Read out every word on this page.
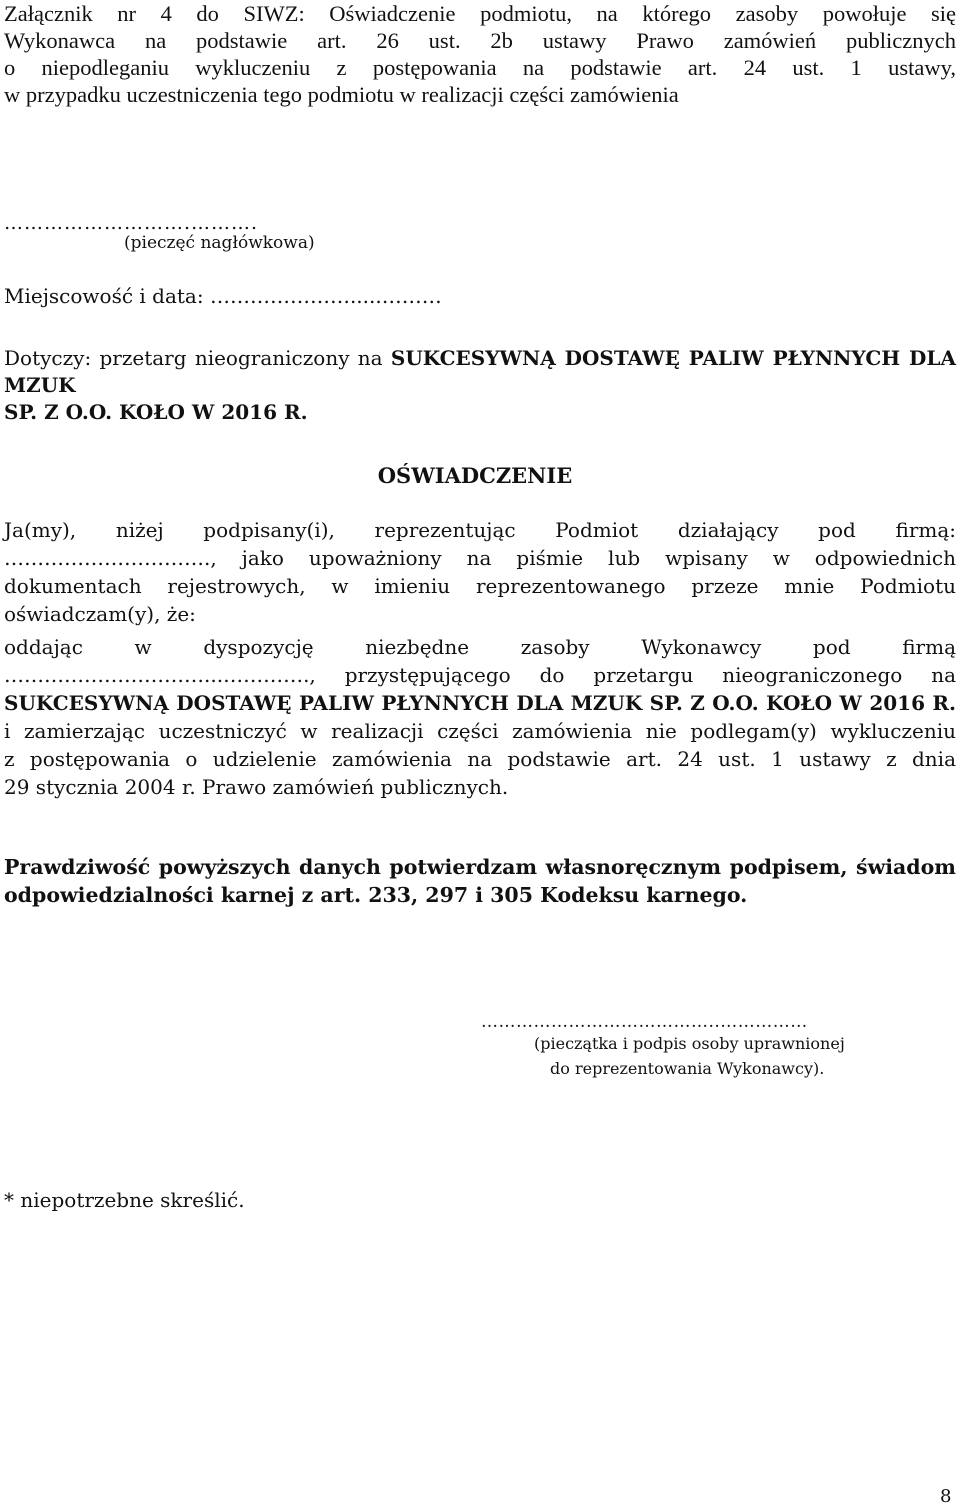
Załącznik nr 4 do SIWZ: Oświadczenie podmiotu, na którego zasoby powołuje się
Wykonawca na podstawie art. 26 ust. 2b ustawy Prawo zamówień publicznych
o niepodleganiu wykluczeniu z postępowania na podstawie art. 24 ust. 1 ustawy,
w przypadku uczestniczenia tego podmiotu w realizacji części zamówienia
……………………….……….
(pieczęć nagłówkowa)
Miejscowość i data: ………………….....………
Dotyczy: przetarg nieograniczony na SUKCESYWNĄ DOSTAWĘ PALIW PŁYNNYCH DLA MZUK
SP. Z O.O. KOŁO W 2016 R.
OŚWIADCZENIE
Ja(my), niżej podpisany(i), reprezentując Podmiot działający pod firmą:
…………………………., jako upoważniony na piśmie lub wpisany w odpowiednich
dokumentach rejestrowych, w imieniu reprezentowanego przeze mnie Podmiotu
oświadczam(y), że:
oddając w dyspozycję niezbędne zasoby Wykonawcy pod firmą
…………………………...…………., przystępującego do przetargu nieograniczonego na
SUKCESYWNĄ DOSTAWĘ PALIW PŁYNNYCH DLA MZUK SP. Z O.O. KOŁO W 2016 R.
i zamierzając uczestniczyć w realizacji części zamówienia nie podlegam(y) wykluczeniu
z postępowania o udzielenie zamówienia na podstawie art. 24 ust. 1 ustawy z dnia
29 stycznia 2004 r. Prawo zamówień publicznych.
Prawdziwość powyższych danych potwierdzam własnoręcznym podpisem, świadom
odpowiedzialności karnej z art. 233, 297 i 305 Kodeksu karnego.
…………………………………..……………
(pieczątka i podpis osoby uprawnionej
do reprezentowania Wykonawcy).
* niepotrzebne skreślić.
8
